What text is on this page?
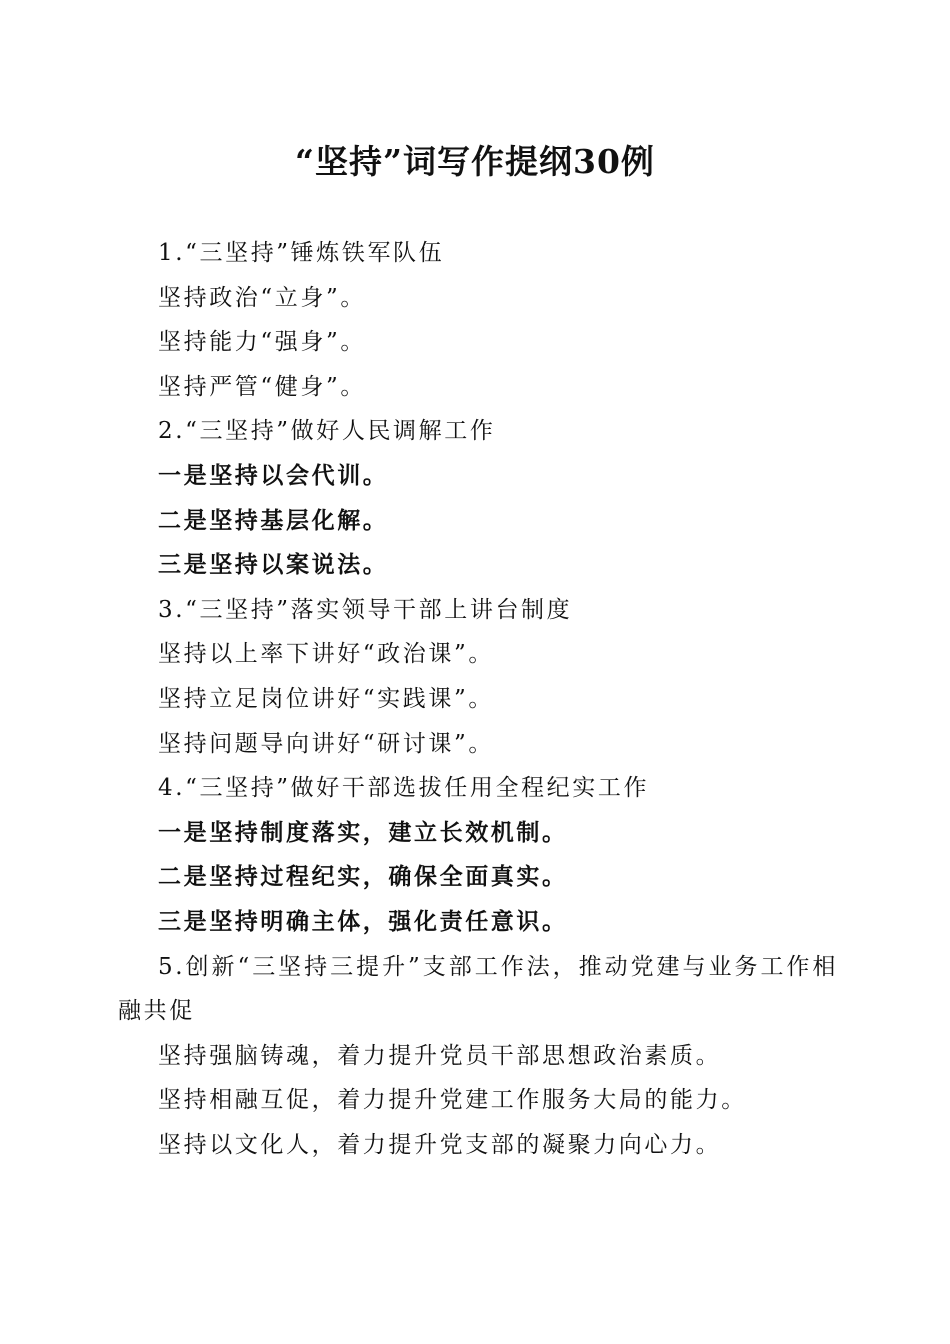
“坚持”词写作提纲30例

1.“三坚持”锤炼铁军队伍

坚持政治“立身”。

坚持能力“强身”。

坚持严管“健身”。

2.“三坚持”做好人民调解工作

一是坚持以会代训。

二是坚持基层化解。

三是坚持以案说法。

3.“三坚持”落实领导干部上讲台制度

坚持以上率下讲好“政治课”。

坚持立足岗位讲好“实践课”。

坚持问题导向讲好“研讨课”。

4.“三坚持”做好干部选拔任用全程纪实工作

一是坚持制度落实，建立长效机制。

二是坚持过程纪实，确保全面真实。

三是坚持明确主体，强化责任意识。

5.创新“三坚持三提升”支部工作法，推动党建与业务工作相融共促

坚持强脑铸魂，着力提升党员干部思想政治素质。

坚持相融互促，着力提升党建工作服务大局的能力。

坚持以文化人，着力提升党支部的凝聚力向心力。
